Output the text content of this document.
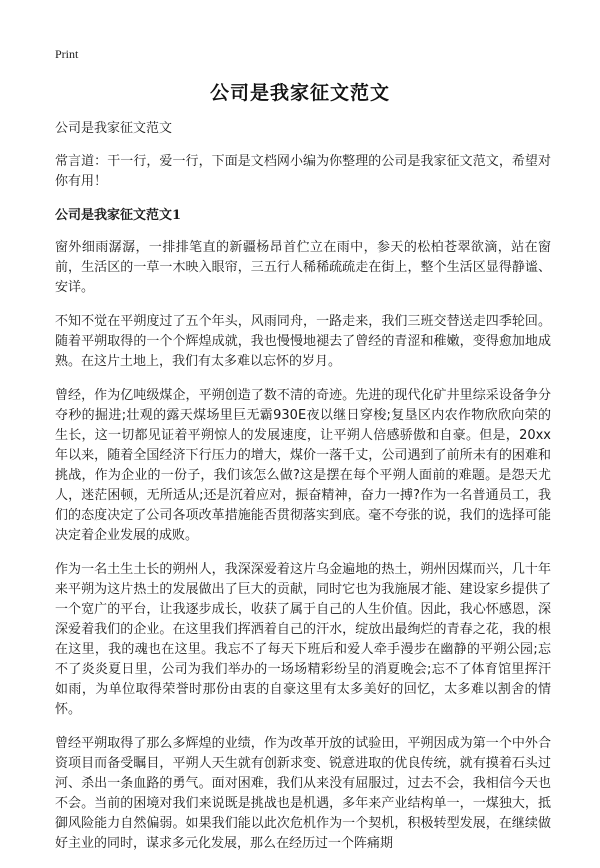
Print
公司是我家征文范文

公司是我家征文范文

常言道：干一行，爱一行，下面是文档网小编为你整理的公司是我家征文范文，希望对你有用！

公司是我家征文范文1

窗外细雨潺潺，一排排笔直的新疆杨昂首伫立在雨中，参天的松柏苍翠欲滴，站在窗前，生活区的一草一木映入眼帘，三五行人稀稀疏疏走在街上，整个生活区显得静谧、安详。

不知不觉在平朔度过了五个年头，风雨同舟，一路走来，我们三班交替送走四季轮回。随着平朔取得的一个个辉煌成就，我也慢慢地褪去了曾经的青涩和稚嫩，变得愈加地成熟。在这片土地上，我们有太多难以忘怀的岁月。

曾经，作为亿吨级煤企，平朔创造了数不清的奇迹。先进的现代化矿井里综采设备争分夺秒的掘进;壮观的露天煤场里巨无霸930E夜以继日穿梭;复垦区内农作物欣欣向荣的生长，这一切都见证着平朔惊人的发展速度，让平朔人倍感骄傲和自豪。但是，20xx年以来，随着全国经济下行压力的增大，煤价一落千丈，公司遇到了前所未有的困难和挑战，作为企业的一份子，我们该怎么做?这是摆在每个平朔人面前的难题。是怨天尤人，迷茫困顿，无所适从;还是沉着应对，振奋精神，奋力一搏?作为一名普通员工，我们的态度决定了公司各项改革措施能否贯彻落实到底。毫不夸张的说，我们的选择可能决定着企业发展的成败。

作为一名土生土长的朔州人，我深深爱着这片乌金遍地的热土，朔州因煤而兴，几十年来平朔为这片热土的发展做出了巨大的贡献，同时它也为我施展才能、建设家乡提供了一个宽广的平台，让我逐步成长，收获了属于自己的人生价值。因此，我心怀感恩，深深爱着我们的企业。在这里我们挥洒着自己的汗水，绽放出最绚烂的青春之花，我的根在这里，我的魂也在这里。我忘不了每天下班后和爱人牵手漫步在幽静的平朔公园;忘不了炎炎夏日里，公司为我们举办的一场场精彩纷呈的消夏晚会;忘不了体育馆里挥汗如雨，为单位取得荣誉时那份由衷的自豪这里有太多美好的回忆，太多难以割舍的情怀。

曾经平朔取得了那么多辉煌的业绩，作为改革开放的试验田，平朔因成为第一个中外合资项目而备受瞩目，平朔人天生就有创新求变、锐意进取的优良传统，就有摸着石头过河、杀出一条血路的勇气。面对困难，我们从来没有屈服过，过去不会，我相信今天也不会。当前的困境对我们来说既是挑战也是机遇，多年来产业结构单一，一煤独大，抵御风险能力自然偏弱。如果我们能以此次危机作为一个契机，积极转型发展，在继续做好主业的同时，谋求多元化发展，那么在经历过一个阵痛期
